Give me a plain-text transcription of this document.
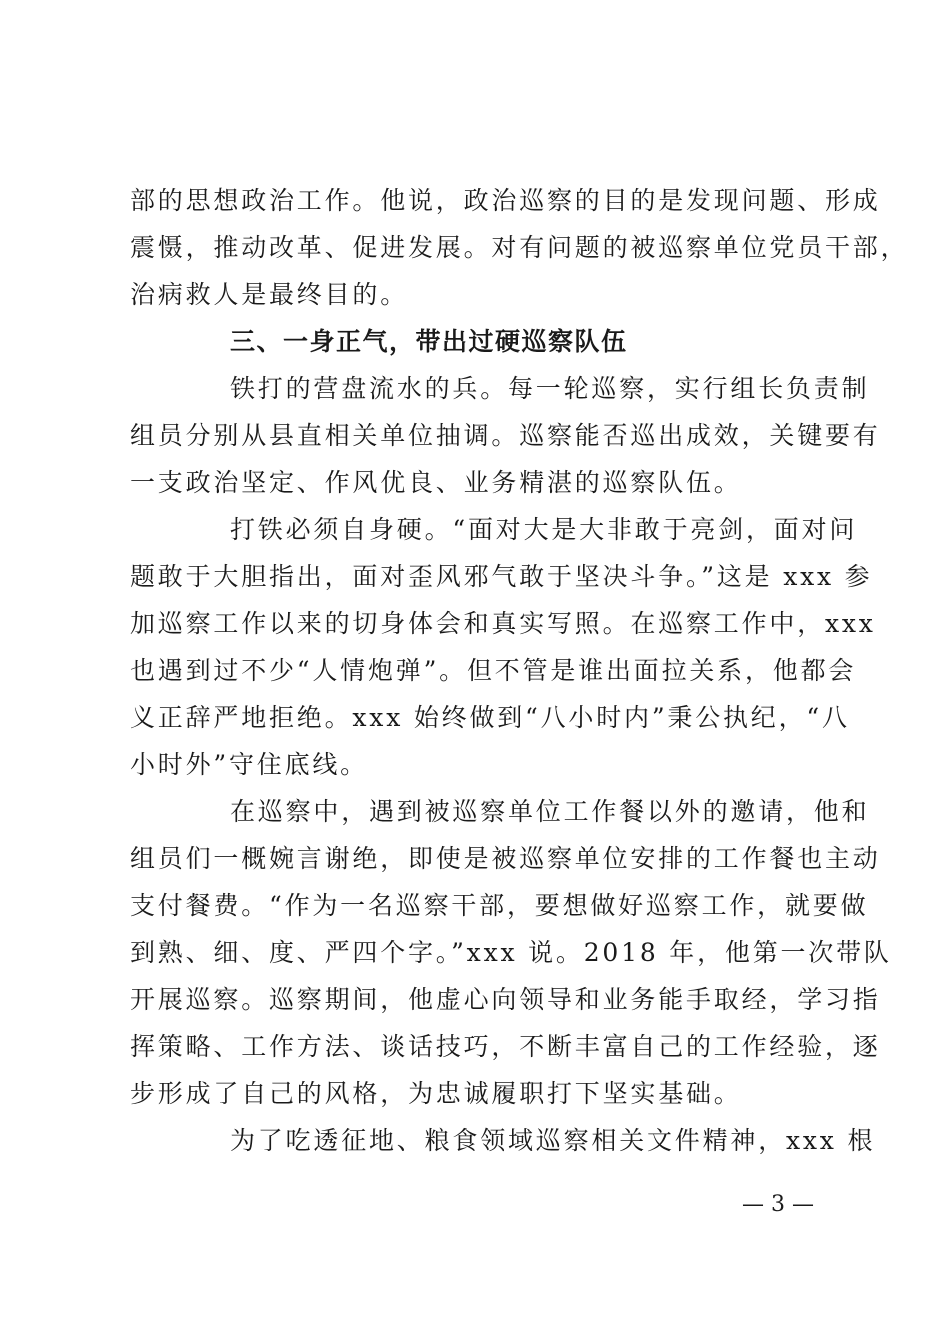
部的思想政治工作。他说，政治巡察的目的是发现问题、形成
震慑，推动改革、促进发展。对有问题的被巡察单位党员干部，
治病救人是最终目的。
三、一身正气，带出过硬巡察队伍
铁打的营盘流水的兵。每一轮巡察，实行组长负责制
组员分别从县直相关单位抽调。巡察能否巡出成效，关键要有
一支政治坚定、作风优良、业务精湛的巡察队伍。
打铁必须自身硬。“面对大是大非敢于亮剑，面对问
题敢于大胆指出，面对歪风邪气敢于坚决斗争。”这是 xxx 参
加巡察工作以来的切身体会和真实写照。在巡察工作中，xxx
也遇到过不少“人情炮弹”。但不管是谁出面拉关系，他都会
义正辞严地拒绝。xxx 始终做到“八小时内”秉公执纪，“八
小时外”守住底线。
在巡察中，遇到被巡察单位工作餐以外的邀请，他和
组员们一概婉言谢绝，即使是被巡察单位安排的工作餐也主动
支付餐费。“作为一名巡察干部，要想做好巡察工作，就要做
到熟、细、度、严四个字。”xxx 说。2018 年，他第一次带队
开展巡察。巡察期间，他虚心向领导和业务能手取经，学习指
挥策略、工作方法、谈话技巧，不断丰富自己的工作经验，逐
步形成了自己的风格，为忠诚履职打下坚实基础。
为了吃透征地、粮食领域巡察相关文件精神，xxx 根
— 3 —
